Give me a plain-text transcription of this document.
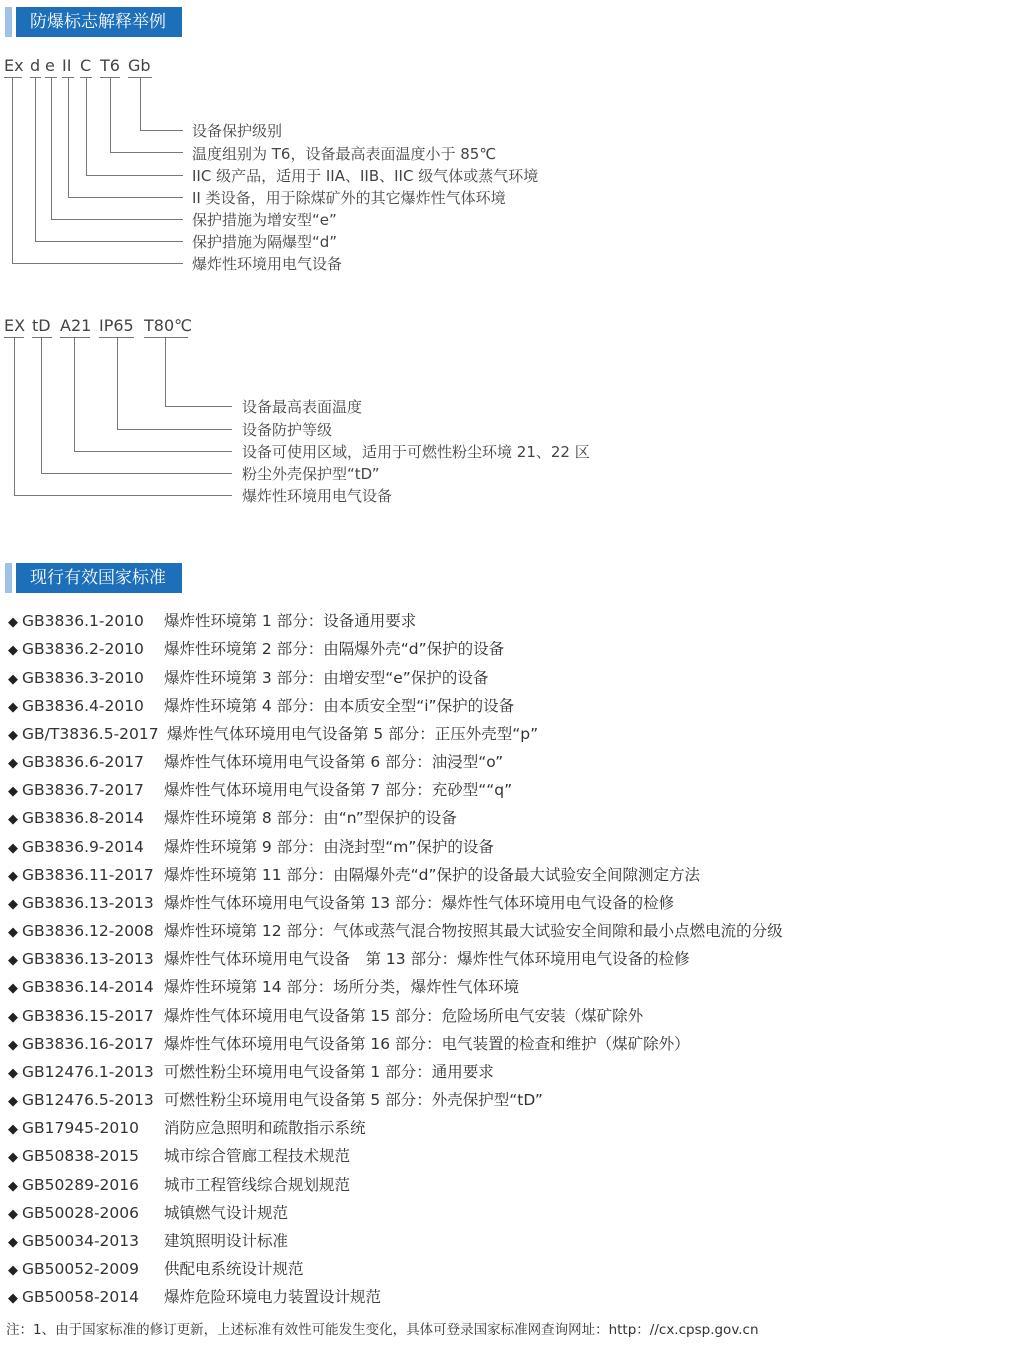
防爆标志解释举例
Ex d e II C T6 Gb
设备保护级别
温度组别为 T6，设备最高表面温度小于 85℃
IIC 级产品，适用于 IIA、IIB、IIC 级气体或蒸气环境
II 类设备，用于除煤矿外的其它爆炸性气体环境
保护措施为增安型“e”
保护措施为隔爆型“d”
爆炸性环境用电气设备
EX tD A21 IP65 T80℃
设备最高表面温度
设备防护等级
设备可使用区域，适用于可燃性粉尘环境 21、22 区
粉尘外壳保护型“tD”
爆炸性环境用电气设备
现行有效国家标准
◆ GB3836.1-2010 爆炸性环境第 1 部分：设备通用要求
◆ GB3836.2-2010 爆炸性环境第 2 部分：由隔爆外壳“d”保护的设备
◆ GB3836.3-2010 爆炸性环境第 3 部分：由增安型“e”保护的设备
◆ GB3836.4-2010 爆炸性环境第 4 部分：由本质安全型“i”保护的设备
◆ GB/T3836.5-2017 爆炸性气体环境用电气设备第 5 部分：正压外壳型“p”
◆ GB3836.6-2017 爆炸性气体环境用电气设备第 6 部分：油浸型“o”
◆ GB3836.7-2017 爆炸性气体环境用电气设备第 7 部分：充砂型““q”
◆ GB3836.8-2014 爆炸性环境第 8 部分：由“n”型保护的设备
◆ GB3836.9-2014 爆炸性环境第 9 部分：由浇封型“m”保护的设备
◆ GB3836.11-2017 爆炸性环境第 11 部分：由隔爆外壳“d”保护的设备最大试验安全间隙测定方法
◆ GB3836.13-2013 爆炸性气体环境用电气设备第 13 部分：爆炸性气体环境用电气设备的检修
◆ GB3836.12-2008 爆炸性环境第 12 部分：气体或蒸气混合物按照其最大试验安全间隙和最小点燃电流的分级
◆ GB3836.13-2013 爆炸性气体环境用电气设备　第 13 部分：爆炸性气体环境用电气设备的检修
◆ GB3836.14-2014 爆炸性环境第 14 部分：场所分类，爆炸性气体环境
◆ GB3836.15-2017 爆炸性气体环境用电气设备第 15 部分：危险场所电气安装（煤矿除外
◆ GB3836.16-2017 爆炸性气体环境用电气设备第 16 部分：电气装置的检查和维护（煤矿除外）
◆ GB12476.1-2013 可燃性粉尘环境用电气设备第 1 部分：通用要求
◆ GB12476.5-2013 可燃性粉尘环境用电气设备第 5 部分：外壳保护型“tD”
◆ GB17945-2010 消防应急照明和疏散指示系统
◆ GB50838-2015 城市综合管廊工程技术规范
◆ GB50289-2016 城市工程管线综合规划规范
◆ GB50028-2006 城镇燃气设计规范
◆ GB50034-2013 建筑照明设计标准
◆ GB50052-2009 供配电系统设计规范
◆ GB50058-2014 爆炸危险环境电力装置设计规范
注：1、由于国家标准的修订更新，上述标准有效性可能发生变化，具体可登录国家标准网查询网址：http：//cx.cpsp.gov.cn
